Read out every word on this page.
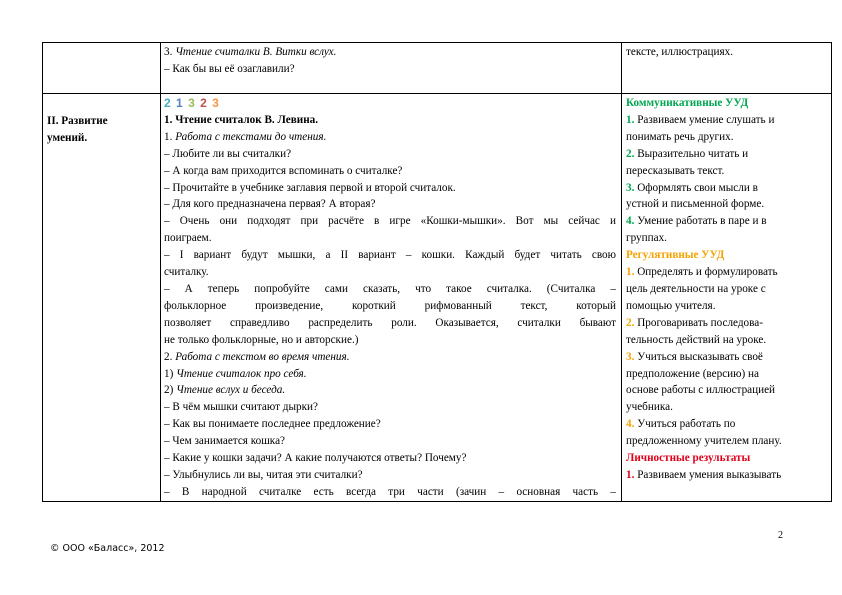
3. Чтение считалки В. Витки вслух.

– Как бы вы её озаглавили?

тексте, иллюстрациях.

II. Развитие

умений.

2 1 3 2 3

1. Чтение считалок В. Левина.

1. Работа с текстами до чтения.

– Любите ли вы считалки?

– А когда вам приходится вспоминать о считалке?

– Прочитайте в учебнике заглавия первой и второй считалок.

– Для кого предназначена первая? А вторая?

– Очень они подходят при расчёте в игре «Кошки-мышки». Вот мы сейчас и

поиграем.

– I вариант будут мышки, а II вариант – кошки. Каждый будет читать свою

считалку.

– А теперь попробуйте сами сказать, что такое считалка. (Считалка –

фольклорное произведение, короткий рифмованный текст, который

позволяет справедливо распределить роли. Оказывается, считалки бывают

не только фольклорные, но и авторские.)

2. Работа с текстом во время чтения.

1) Чтение считалок про себя.

2) Чтение вслух и беседа.

– В чём мышки считают дырки?

– Как вы понимаете последнее предложение?

– Чем занимается кошка?

– Какие у кошки задачи? А какие получаются ответы? Почему?

– Улыбнулись ли вы, читая эти считалки?

– В народной считалке есть всегда три части (зачин – основная часть –

Коммуникативные УУД

1. Развиваем умение слушать и

понимать речь других.

2. Выразительно читать и

пересказывать текст.

3. Оформлять свои мысли в

устной и письменной форме.

4. Умение работать в паре и в

группах.

Регулятивные УУД

1. Определять и формулировать

цель деятельности на уроке с

помощью учителя.

2. Проговаривать последова-

тельность действий на уроке.

3. Учиться высказывать своё

предположение (версию) на

основе работы с иллюстрацией

учебника.

4. Учиться работать по

предложенному учителем плану.

Личностные результаты

1. Развиваем умения выказывать

2
© ООО «Баласс», 2012
